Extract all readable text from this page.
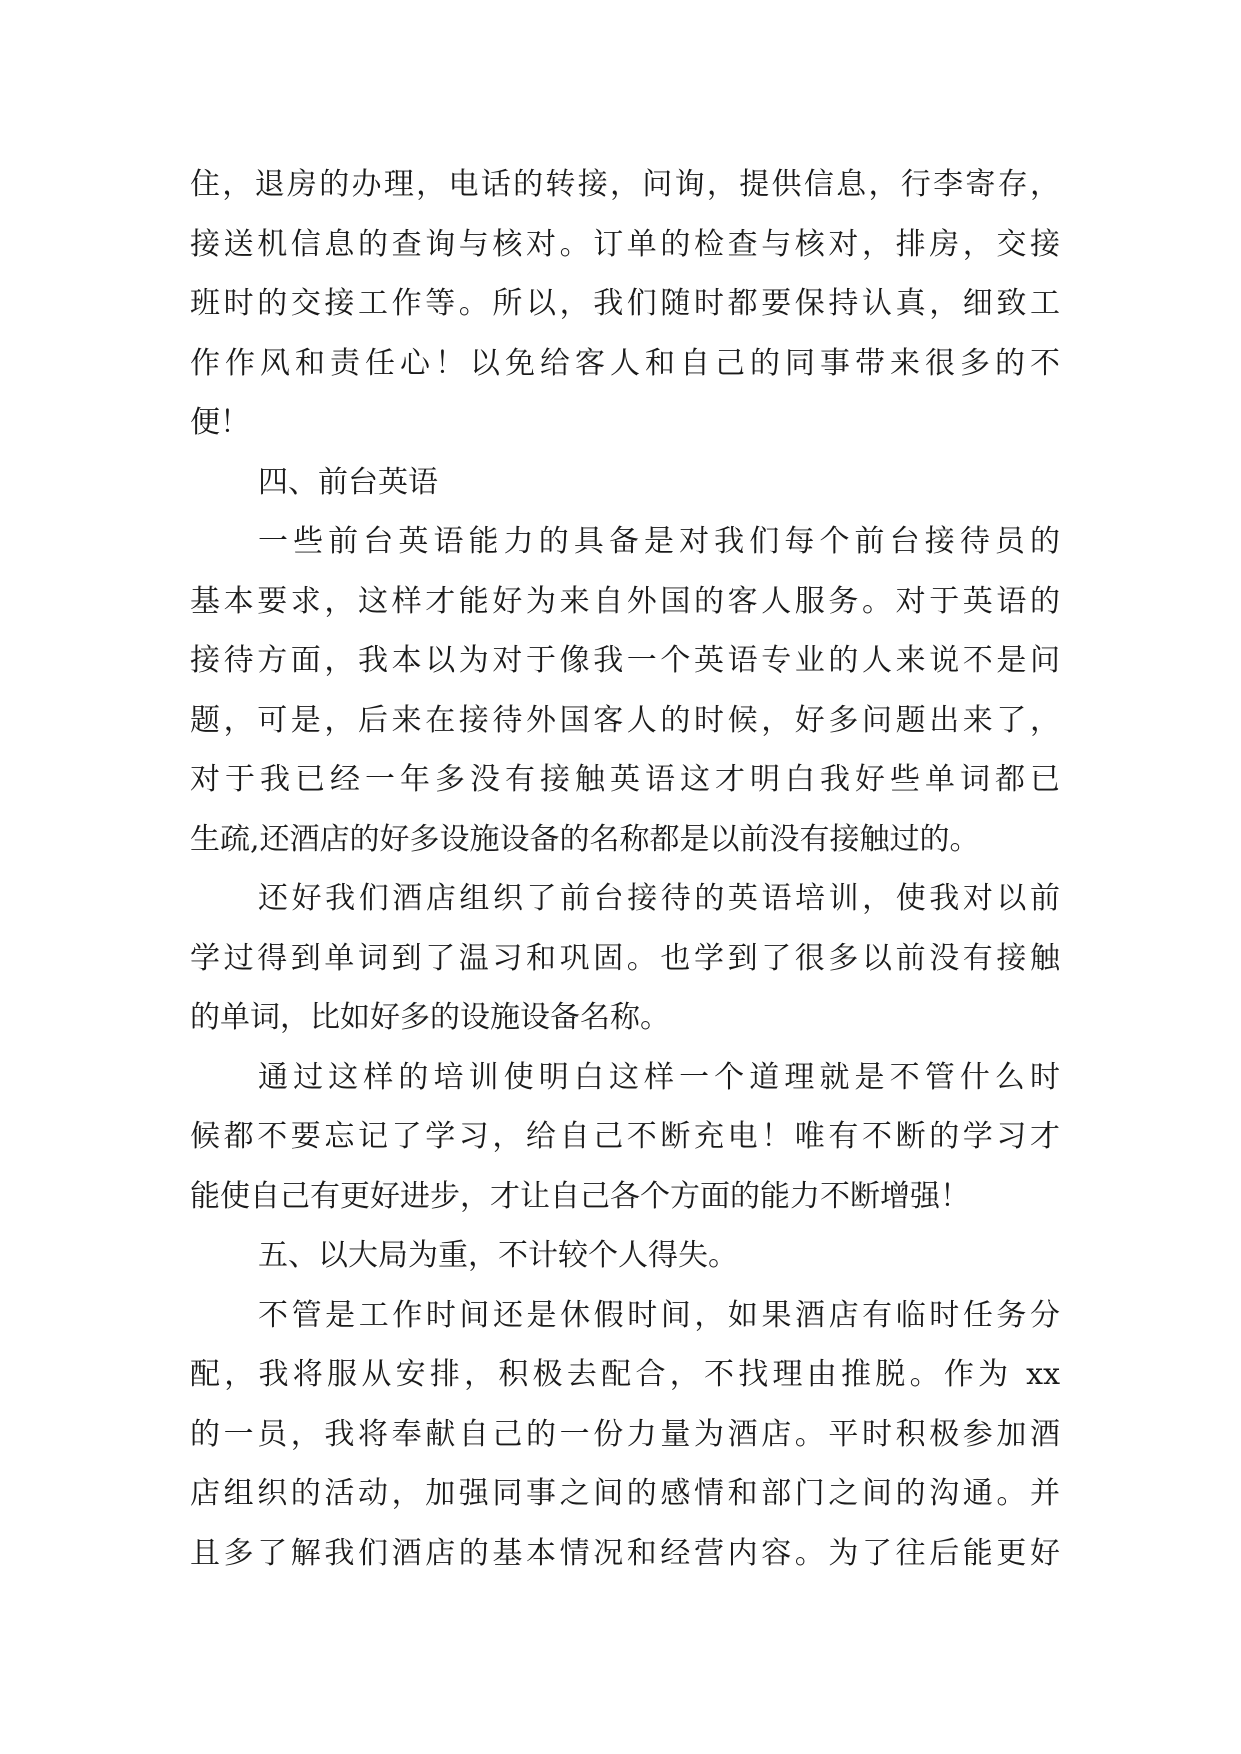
住，退房的办理，电话的转接，问询，提供信息，行李寄存，
接送机信息的查询与核对。订单的检查与核对，排房，交接
班时的交接工作等。所以，我们随时都要保持认真，细致工
作作风和责任心！以免给客人和自己的同事带来很多的不
便！
四、前台英语
一些前台英语能力的具备是对我们每个前台接待员的
基本要求，这样才能好为来自外国的客人服务。对于英语的
接待方面，我本以为对于像我一个英语专业的人来说不是问
题，可是，后来在接待外国客人的时候，好多问题出来了，
对于我已经一年多没有接触英语这才明白我好些单词都已
生疏,还酒店的好多设施设备的名称都是以前没有接触过的。
还好我们酒店组织了前台接待的英语培训，使我对以前
学过得到单词到了温习和巩固。也学到了很多以前没有接触
的单词，比如好多的设施设备名称。
通过这样的培训使明白这样一个道理就是不管什么时
候都不要忘记了学习，给自己不断充电！唯有不断的学习才
能使自己有更好进步，才让自己各个方面的能力不断增强！
五、以大局为重，不计较个人得失。
不管是工作时间还是休假时间，如果酒店有临时任务分
配，我将服从安排，积极去配合，不找理由推脱。作为 xx
的一员，我将奉献自己的一份力量为酒店。平时积极参加酒
店组织的活动，加强同事之间的感情和部门之间的沟通。并
且多了解我们酒店的基本情况和经营内容。为了往后能更好
